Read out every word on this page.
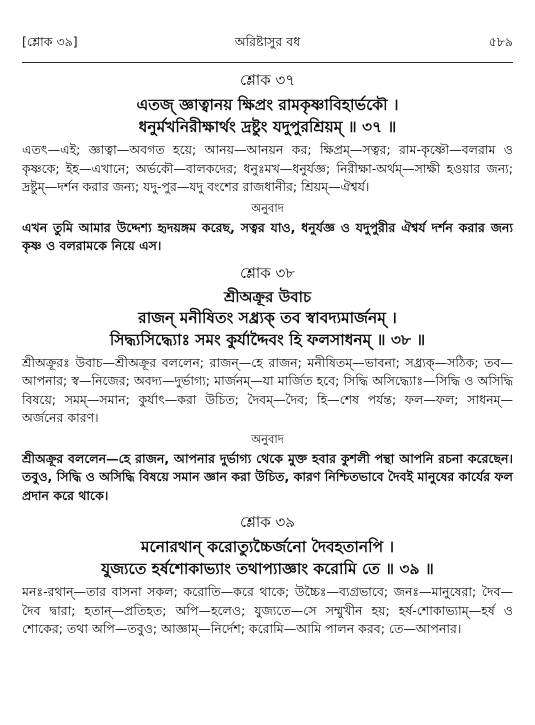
[শ্লোক ৩৯]	অরিষ্টাসুর বধ	৫৮৯
শ্লোক ৩৭
এতজ্ জ্ঞাত্বানয় ক্ষিপ্রং রামকৃষ্ণাবিহার্ভকৌ ।
ধনুর্মখনিরীক্ষার্থং দ্রষ্টুং যদুপুরশ্রিয়ম্ ॥ ৩৭ ॥
এতৎ—এই; জ্ঞাত্বা—অবগত হয়ে; আনয়—আনয়ন কর; ক্ষিপ্রম্—সত্বর; রাম-কৃষ্ণৌ—বলরাম ও কৃষ্ণকে; ইহ—এখানে; অর্ভকৌ—বালকদের; ধনুঃমখ—ধনুর্যজ্ঞ; নিরীক্ষা-অর্থম্—সাক্ষী হওয়ার জন্য; দ্রষ্টুম্—দর্শন করার জন্য; যদু-পুর—যদু বংশের রাজধানীর; শ্রিয়ম্—ঐশ্বর্য।
অনুবাদ
এখন তুমি আমার উদ্দেশ্য হৃদয়ঙ্গম করেছ, সত্বর যাও, ধনুর্যজ্ঞ ও যদুপুরীর ঐশ্বর্য দর্শন করার জন্য কৃষ্ণ ও বলরামকে নিয়ে এস।
শ্লোক ৩৮
শ্রীঅক্রূর উবাচ
রাজন্ মনীষিতং সধ্র্যক্ তব স্বাবদ্যমার্জনম্ ।
সিদ্ধ্যসিদ্ধ্যোঃ সমং কুর্যাদ্দৈবং হি ফলসাধনম্ ॥ ৩৮ ॥
শ্রীঅক্রূরঃ উবাচ—শ্রীঅক্রূর বললেন; রাজন্—হে রাজন; মনীষিতম্—ভাবনা; সধ্র্যক্—সঠিক; তব—আপনার; স্ব—নিজের; অবদ্য—দুর্ভাগ্য; মার্জনম্—যা মার্জিত হবে; সিদ্ধি অসিদ্ধ্যোঃ—সিদ্ধি ও অসিদ্ধি বিষয়ে; সমম্—সমান; কুর্যাৎ—করা উচিত; দৈবম্—দৈব; হি—শেষ পর্যন্ত; ফল—ফল; সাধনম্—অর্জনের কারণ।
অনুবাদ
শ্রীঅক্রূর বললেন—হে রাজন, আপনার দুর্ভাগ্য থেকে মুক্ত হবার কুশলী পন্থা আপনি রচনা করেছেন। তবুও, সিদ্ধি ও অসিদ্ধি বিষয়ে সমান জ্ঞান করা উচিত, কারণ নিশ্চিতভাবে দৈবই মানুষের কার্যের ফল প্রদান করে থাকে।
শ্লোক ৩৯
মনোরথান্ করোত্যুচ্চৈর্জনো দৈবহতানপি ।
যুজ্যতে হর্ষশোকাভ্যাং তথাপ্যাজ্ঞাং করোমি তে ॥ ৩৯ ॥
মনঃ-রথান্—তার বাসনা সকল; করোতি—করে থাকে; উচ্চৈঃ—ব্যগ্রভাবে; জনঃ—মানুষেরা; দৈব—দৈব দ্বারা; হতান্—প্রতিহত; অপি—হলেও; যুজ্যতে—সে সম্মুখীন হয়; হর্ষ-শোকাভ্যাম্—হর্ষ ও শোকের; তথা অপি—তবুও; আজ্ঞাম্—নির্দেশ; করোমি—আমি পালন করব; তে—আপনার।
